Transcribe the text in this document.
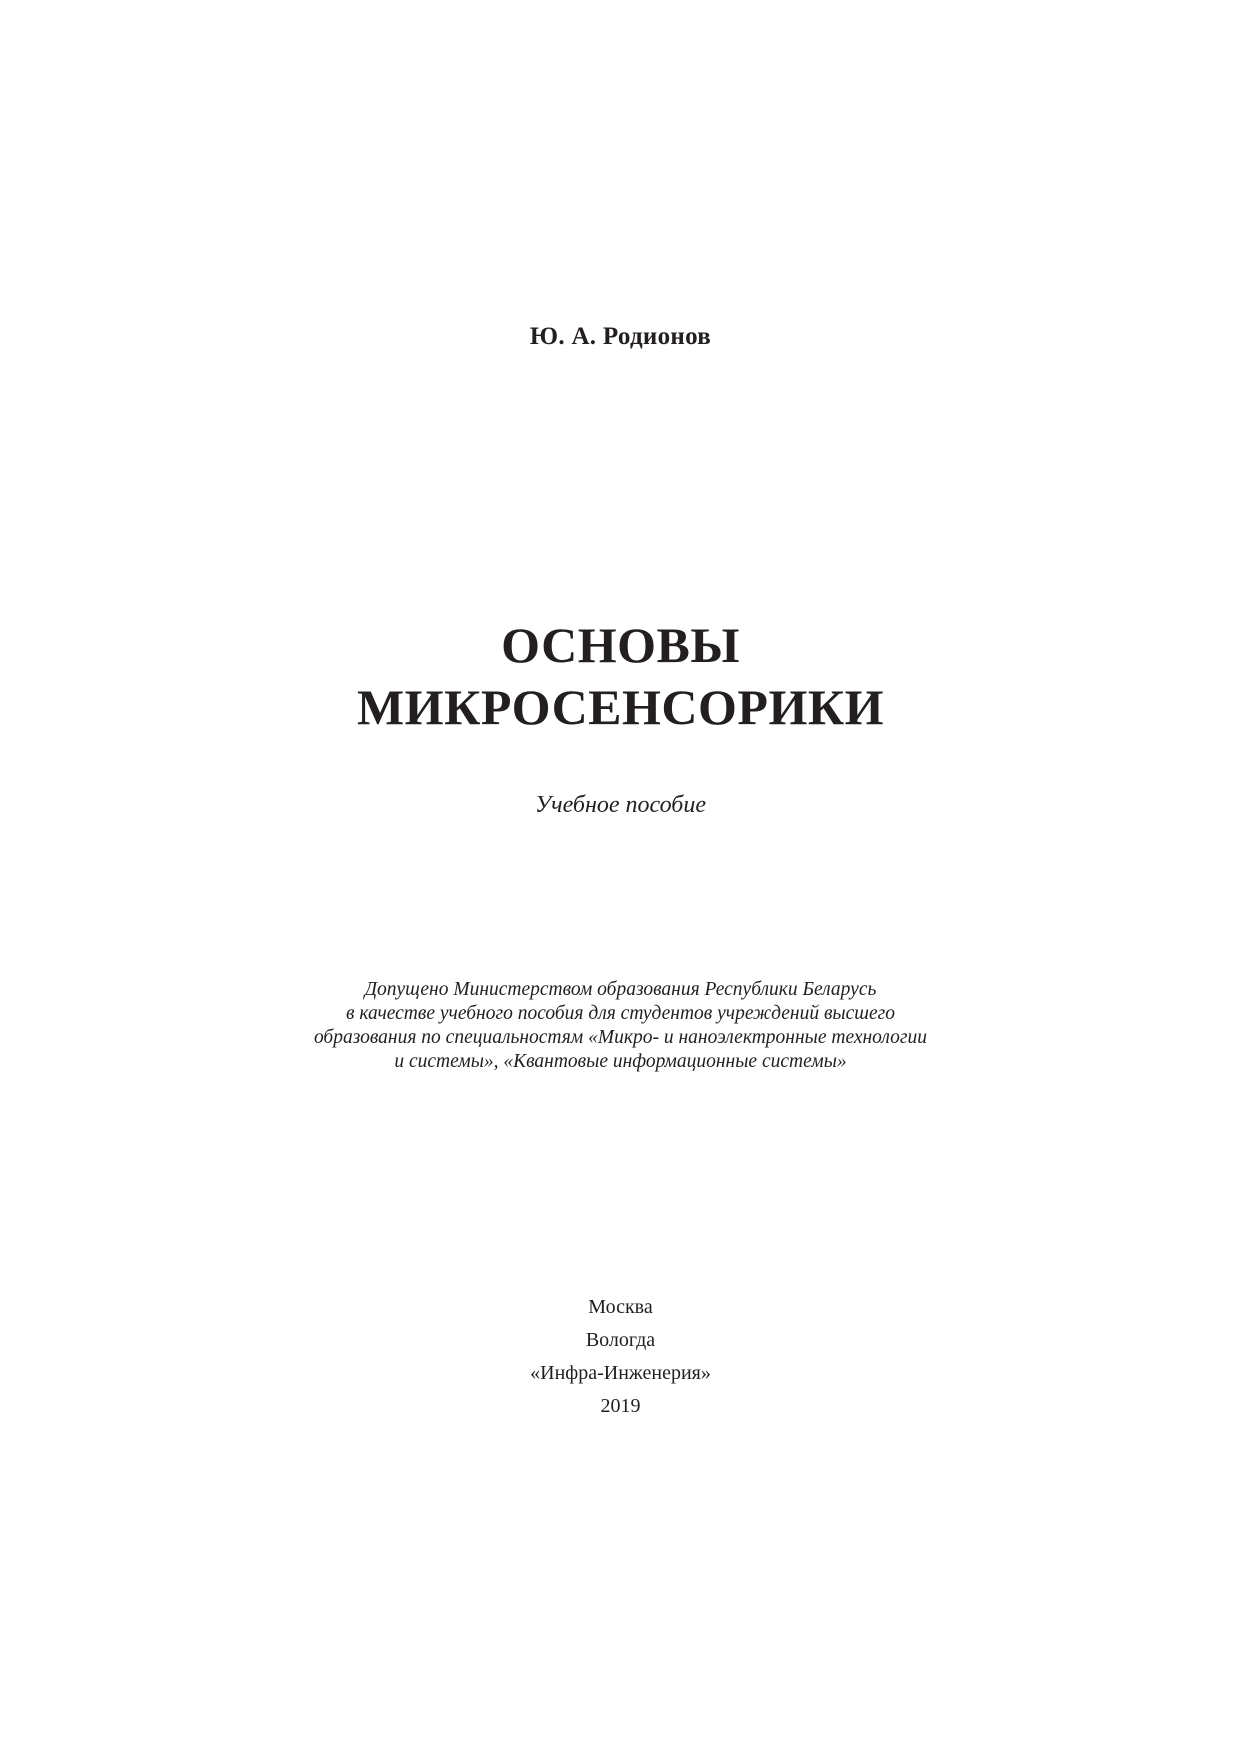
Ю. А. Родионов
ОСНОВЫ
МИКРОСЕНСОРИКИ
Учебное пособие
Допущено Министерством образования Республики Беларусь
в качестве учебного пособия для студентов учреждений высшего
образования по специальностям «Микро- и наноэлектронные технологии
и системы», «Квантовые информационные системы»
Москва
Вологда
«Инфра-Инженерия»
2019
